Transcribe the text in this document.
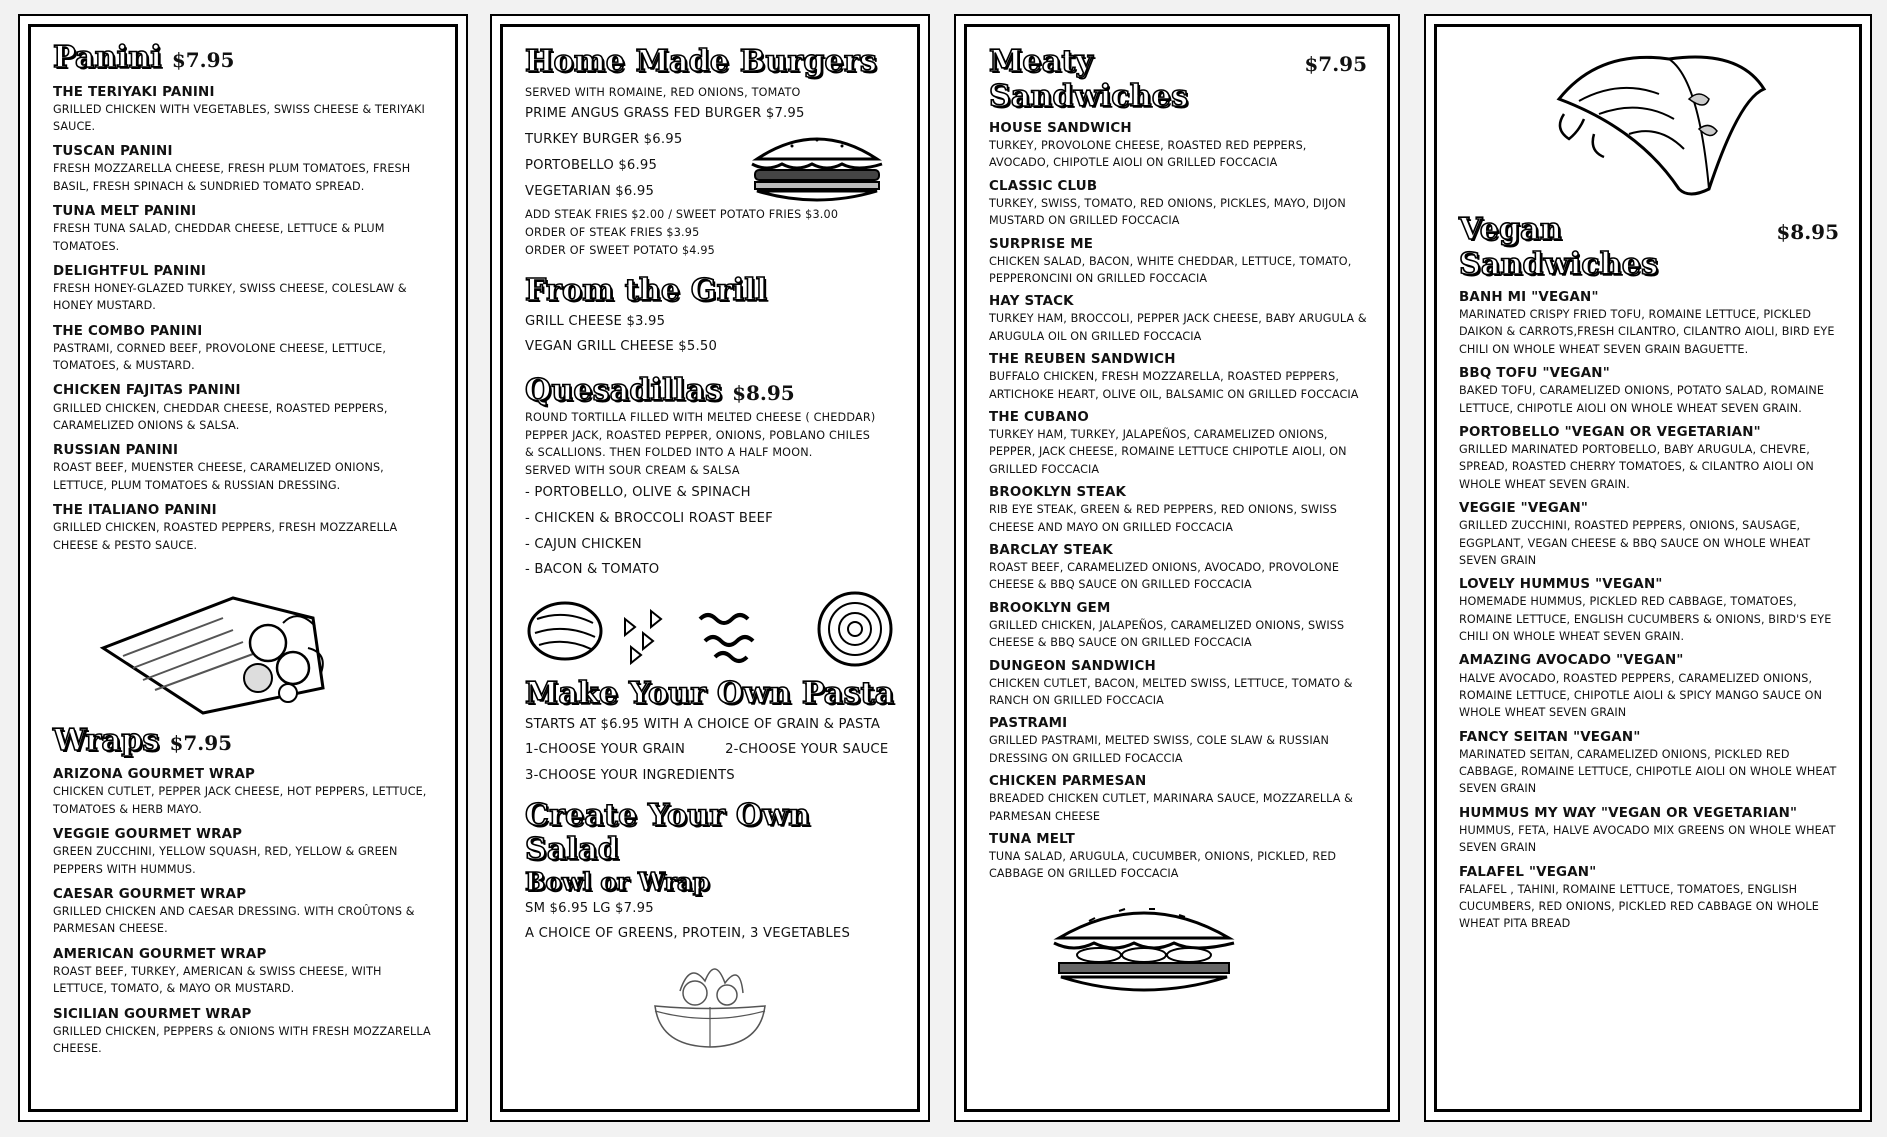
Panini $7.95
THE TERIYAKI PANINI
GRILLED CHICKEN WITH VEGETABLES, SWISS CHEESE & TERIYAKI SAUCE.
TUSCAN PANINI
FRESH MOZZARELLA CHEESE, FRESH PLUM TOMATOES, FRESH BASIL, FRESH SPINACH & SUNDRIED TOMATO SPREAD.
TUNA MELT PANINI
FRESH TUNA SALAD, CHEDDAR CHEESE, LETTUCE & PLUM TOMATOES.
DELIGHTFUL PANINI
FRESH HONEY-GLAZED TURKEY, SWISS CHEESE, COLESLAW & HONEY MUSTARD.
THE COMBO PANINI
PASTRAMI, CORNED BEEF, PROVOLONE CHEESE, LETTUCE, TOMATOES, & MUSTARD.
CHICKEN FAJITAS PANINI
GRILLED CHICKEN, CHEDDAR CHEESE, ROASTED PEPPERS, CARAMELIZED ONIONS & SALSA.
RUSSIAN PANINI
ROAST BEEF, MUENSTER CHEESE, CARAMELIZED ONIONS, LETTUCE, PLUM TOMATOES & RUSSIAN DRESSING.
THE ITALIANO PANINI
GRILLED CHICKEN, ROASTED PEPPERS, FRESH MOZZARELLA CHEESE & PESTO SAUCE.
Wraps $7.95
ARIZONA GOURMET WRAP
CHICKEN CUTLET, PEPPER JACK CHEESE, HOT PEPPERS, LETTUCE, TOMATOES & HERB MAYO.
VEGGIE GOURMET WRAP
GREEN ZUCCHINI, YELLOW SQUASH, RED, YELLOW & GREEN PEPPERS WITH HUMMUS.
CAESAR GOURMET WRAP
GRILLED CHICKEN AND CAESAR DRESSING. WITH CROÛTONS & PARMESAN CHEESE.
AMERICAN GOURMET WRAP
ROAST BEEF, TURKEY, AMERICAN & SWISS CHEESE, WITH LETTUCE, TOMATO, & MAYO OR MUSTARD.
SICILIAN GOURMET WRAP
GRILLED CHICKEN, PEPPERS & ONIONS WITH FRESH MOZZARELLA CHEESE.
Home Made Burgers
SERVED WITH ROMAINE, RED ONIONS, TOMATO
PRIME ANGUS GRASS FED BURGER $7.95
TURKEY BURGER $6.95
PORTOBELLO $6.95
VEGETARIAN $6.95
ADD STEAK FRIES $2.00 / SWEET POTATO FRIES $3.00
ORDER OF STEAK FRIES $3.95
ORDER OF SWEET POTATO $4.95
From the Grill
GRILL CHEESE $3.95
VEGAN GRILL CHEESE $5.50
Quesadillas $8.95
ROUND TORTILLA FILLED WITH MELTED CHEESE ( CHEDDAR)
PEPPER JACK, ROASTED PEPPER, ONIONS, POBLANO CHILES
& SCALLIONS. THEN FOLDED INTO A HALF MOON.
SERVED WITH SOUR CREAM & SALSA
- PORTOBELLO, OLIVE & SPINACH
- CHICKEN & BROCCOLI ROAST BEEF
- CAJUN CHICKEN
- BACON & TOMATO
Make Your Own Pasta
STARTS AT $6.95 WITH A CHOICE OF GRAIN & PASTA
1-CHOOSE YOUR GRAIN	2-CHOOSE YOUR SAUCE
3-CHOOSE YOUR INGREDIENTS
Create Your Own Salad
Bowl or Wrap
SM $6.95 LG $7.95
A CHOICE OF GREENS, PROTEIN, 3 VEGETABLES
Meaty Sandwiches
$7.95
HOUSE SANDWICH
TURKEY, PROVOLONE CHEESE, ROASTED RED PEPPERS, AVOCADO, CHIPOTLE AIOLI ON GRILLED FOCCACIA
CLASSIC CLUB
TURKEY, SWISS, TOMATO, RED ONIONS, PICKLES, MAYO, DIJON MUSTARD ON GRILLED FOCCACIA
SURPRISE ME
CHICKEN SALAD, BACON, WHITE CHEDDAR, LETTUCE, TOMATO, PEPPERONCINI ON GRILLED FOCCACIA
HAY STACK
TURKEY HAM, BROCCOLI, PEPPER JACK CHEESE, BABY ARUGULA & ARUGULA OIL ON GRILLED FOCCACIA
THE REUBEN SANDWICH
BUFFALO CHICKEN, FRESH MOZZARELLA, ROASTED PEPPERS, ARTICHOKE HEART, OLIVE OIL, BALSAMIC ON GRILLED FOCCACIA
THE CUBANO
TURKEY HAM, TURKEY, JALAPEÑOS, CARAMELIZED ONIONS, PEPPER, JACK CHEESE, ROMAINE LETTUCE CHIPOTLE AIOLI, ON GRILLED FOCCACIA
BROOKLYN STEAK
RIB EYE STEAK, GREEN & RED PEPPERS, RED ONIONS, SWISS CHEESE AND MAYO ON GRILLED FOCCACIA
BARCLAY STEAK
ROAST BEEF, CARAMELIZED ONIONS, AVOCADO, PROVOLONE CHEESE & BBQ SAUCE ON GRILLED FOCCACIA
BROOKLYN GEM
GRILLED CHICKEN, JALAPEÑOS, CARAMELIZED ONIONS, SWISS CHEESE & BBQ SAUCE ON GRILLED FOCCACIA
DUNGEON SANDWICH
CHICKEN CUTLET, BACON, MELTED SWISS, LETTUCE, TOMATO & RANCH ON GRILLED FOCCACIA
PASTRAMI
GRILLED PASTRAMI, MELTED SWISS, COLE SLAW & RUSSIAN DRESSING ON GRILLED FOCACCIA
CHICKEN PARMESAN
BREADED CHICKEN CUTLET, MARINARA SAUCE, MOZZARELLA & PARMESAN CHEESE
TUNA MELT
TUNA SALAD, ARUGULA, CUCUMBER, ONIONS, PICKLED, RED CABBAGE ON GRILLED FOCCACIA
Vegan Sandwiches
$8.95
BANH MI "VEGAN"
MARINATED CRISPY FRIED TOFU, ROMAINE LETTUCE, PICKLED DAIKON & CARROTS,FRESH CILANTRO, CILANTRO AIOLI, BIRD EYE CHILI ON WHOLE WHEAT SEVEN GRAIN BAGUETTE.
BBQ TOFU "VEGAN"
BAKED TOFU, CARAMELIZED ONIONS, POTATO SALAD, ROMAINE LETTUCE, CHIPOTLE AIOLI ON WHOLE WHEAT SEVEN GRAIN.
PORTOBELLO "VEGAN OR VEGETARIAN"
GRILLED MARINATED PORTOBELLO, BABY ARUGULA, CHEVRE, SPREAD, ROASTED CHERRY TOMATOES, & CILANTRO AIOLI ON WHOLE WHEAT SEVEN GRAIN.
VEGGIE "VEGAN"
GRILLED ZUCCHINI, ROASTED PEPPERS, ONIONS, SAUSAGE, EGGPLANT, VEGAN CHEESE & BBQ SAUCE ON WHOLE WHEAT SEVEN GRAIN
LOVELY HUMMUS "VEGAN"
HOMEMADE HUMMUS, PICKLED RED CABBAGE, TOMATOES, ROMAINE LETTUCE, ENGLISH CUCUMBERS & ONIONS, BIRD'S EYE CHILI ON WHOLE WHEAT SEVEN GRAIN.
AMAZING AVOCADO "VEGAN"
HALVE AVOCADO, ROASTED PEPPERS, CARAMELIZED ONIONS, ROMAINE LETTUCE, CHIPOTLE AIOLI & SPICY MANGO SAUCE ON WHOLE WHEAT SEVEN GRAIN
FANCY SEITAN "VEGAN"
MARINATED SEITAN, CARAMELIZED ONIONS, PICKLED RED CABBAGE, ROMAINE LETTUCE, CHIPOTLE AIOLI ON WHOLE WHEAT SEVEN GRAIN
HUMMUS MY WAY "VEGAN OR VEGETARIAN"
HUMMUS, FETA, HALVE AVOCADO MIX GREENS ON WHOLE WHEAT SEVEN GRAIN
FALAFEL "VEGAN"
FALAFEL , TAHINI, ROMAINE LETTUCE, TOMATOES, ENGLISH CUCUMBERS, RED ONIONS, PICKLED RED CABBAGE ON WHOLE WHEAT PITA BREAD
